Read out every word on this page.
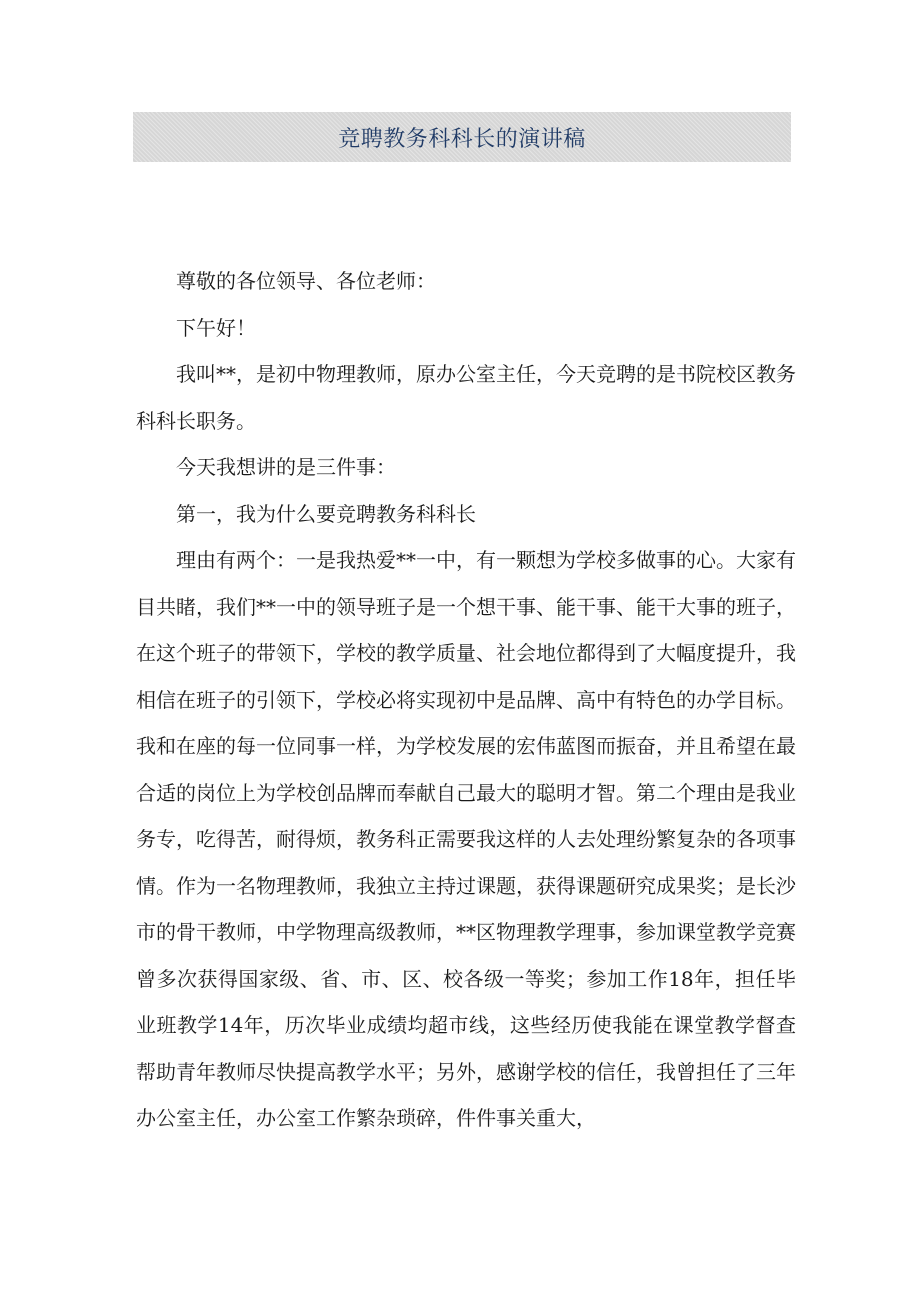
竞聘教务科科长的演讲稿

尊敬的各位领导、各位老师：

下午好！

我叫**，是初中物理教师，原办公室主任，今天竞聘的是书院校区教务科科长职务。

今天我想讲的是三件事：

第一，我为什么要竞聘教务科科长

理由有两个：一是我热爱**一中，有一颗想为学校多做事的心。大家有目共睹，我们**一中的领导班子是一个想干事、能干事、能干大事的班子，在这个班子的带领下，学校的教学质量、社会地位都得到了大幅度提升，我相信在班子的引领下，学校必将实现初中是品牌、高中有特色的办学目标。我和在座的每一位同事一样，为学校发展的宏伟蓝图而振奋，并且希望在最合适的岗位上为学校创品牌而奉献自己最大的聪明才智。第二个理由是我业务专，吃得苦，耐得烦，教务科正需要我这样的人去处理纷繁复杂的各项事情。作为一名物理教师，我独立主持过课题，获得课题研究成果奖；是长沙市的骨干教师，中学物理高级教师，**区物理教学理事，参加课堂教学竞赛曾多次获得国家级、省、市、区、校各级一等奖；参加工作18年，担任毕业班教学14年，历次毕业成绩均超市线，这些经历使我能在课堂教学督查帮助青年教师尽快提高教学水平；另外，感谢学校的信任，我曾担任了三年办公室主任，办公室工作繁杂琐碎，件件事关重大，
